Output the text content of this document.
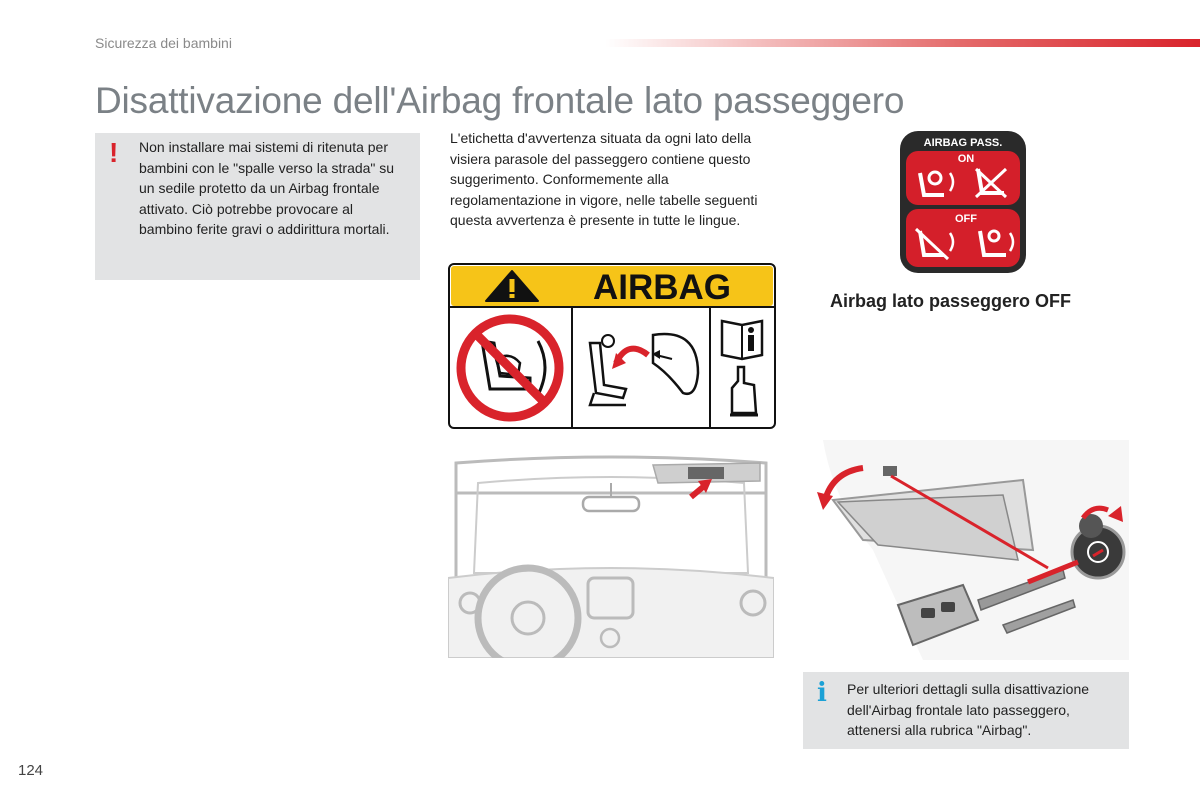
Sicurezza dei bambini
Disattivazione dell'Airbag frontale lato passeggero
! Non installare mai sistemi di ritenuta per bambini con le "spalle verso la strada" su un sedile protetto da un Airbag frontale attivato. Ciò potrebbe provocare al bambino ferite gravi o addirittura mortali.
L'etichetta d'avvertenza situata da ogni lato della visiera parasole del passeggero contiene questo suggerimento. Conformemente alla regolamentazione in vigore, nelle tabelle seguenti questa avvertenza è presente in tutte le lingue.
AIRBAG
AIRBAG PASS.
ON
OFF
Airbag lato passeggero OFF
i Per ulteriori dettagli sulla disattivazione dell'Airbag frontale lato passeggero, attenersi alla rubrica "Airbag".
124
